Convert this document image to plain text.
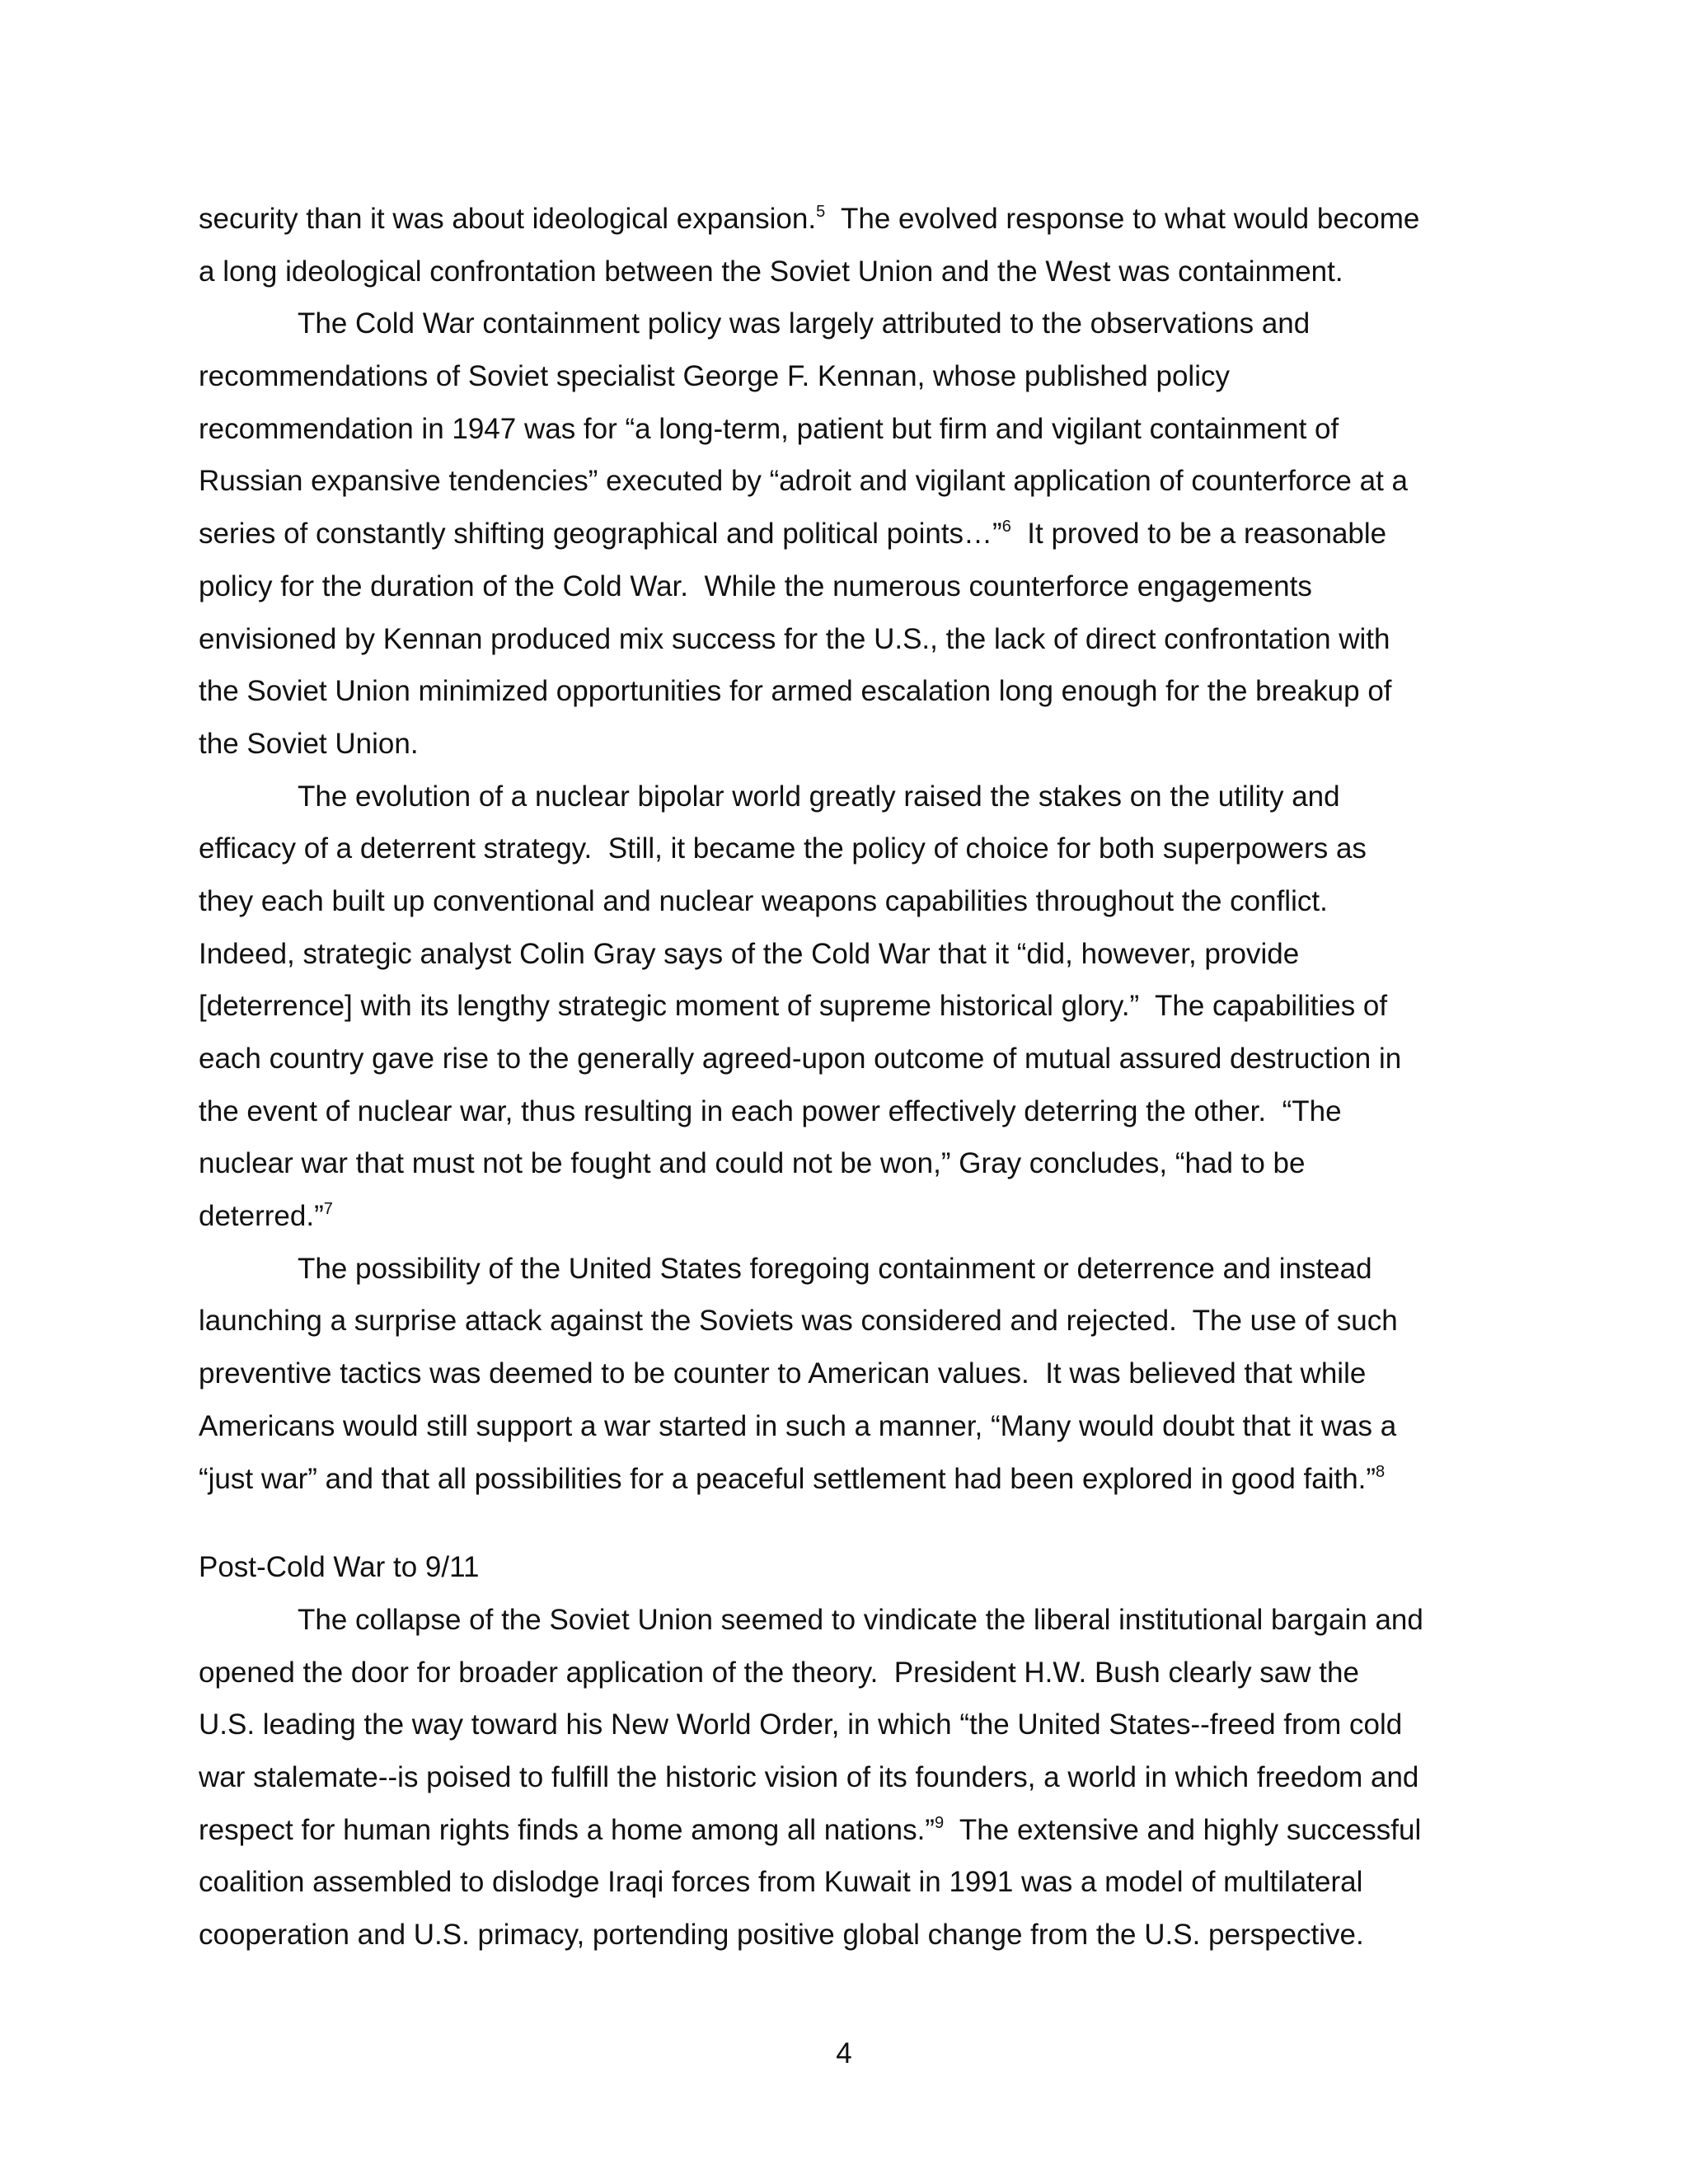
security than it was about ideological expansion.$^5$  The evolved response to what would become
a long ideological confrontation between the Soviet Union and the West was containment.
The Cold War containment policy was largely attributed to the observations and
recommendations of Soviet specialist George F. Kennan, whose published policy
recommendation in 1947 was for “a long-term, patient but firm and vigilant containment of
Russian expansive tendencies” executed by “adroit and vigilant application of counterforce at a
series of constantly shifting geographical and political points…”$^6$  It proved to be a reasonable
policy for the duration of the Cold War.  While the numerous counterforce engagements
envisioned by Kennan produced mix success for the U.S., the lack of direct confrontation with
the Soviet Union minimized opportunities for armed escalation long enough for the breakup of
the Soviet Union.
The evolution of a nuclear bipolar world greatly raised the stakes on the utility and
efficacy of a deterrent strategy.  Still, it became the policy of choice for both superpowers as
they each built up conventional and nuclear weapons capabilities throughout the conflict.
Indeed, strategic analyst Colin Gray says of the Cold War that it “did, however, provide
[deterrence] with its lengthy strategic moment of supreme historical glory.”  The capabilities of
each country gave rise to the generally agreed-upon outcome of mutual assured destruction in
the event of nuclear war, thus resulting in each power effectively deterring the other.  “The
nuclear war that must not be fought and could not be won,” Gray concludes, “had to be
deterred.”$^7$
The possibility of the United States foregoing containment or deterrence and instead
launching a surprise attack against the Soviets was considered and rejected.  The use of such
preventive tactics was deemed to be counter to American values.  It was believed that while
Americans would still support a war started in such a manner, “Many would doubt that it was a
“just war” and that all possibilities for a peaceful settlement had been explored in good faith.”$^8$
Post-Cold War to 9/11
The collapse of the Soviet Union seemed to vindicate the liberal institutional bargain and
opened the door for broader application of the theory.  President H.W. Bush clearly saw the
U.S. leading the way toward his New World Order, in which “the United States--freed from cold
war stalemate--is poised to fulfill the historic vision of its founders, a world in which freedom and
respect for human rights finds a home among all nations.”$^9$  The extensive and highly successful
coalition assembled to dislodge Iraqi forces from Kuwait in 1991 was a model of multilateral
cooperation and U.S. primacy, portending positive global change from the U.S. perspective.
4
